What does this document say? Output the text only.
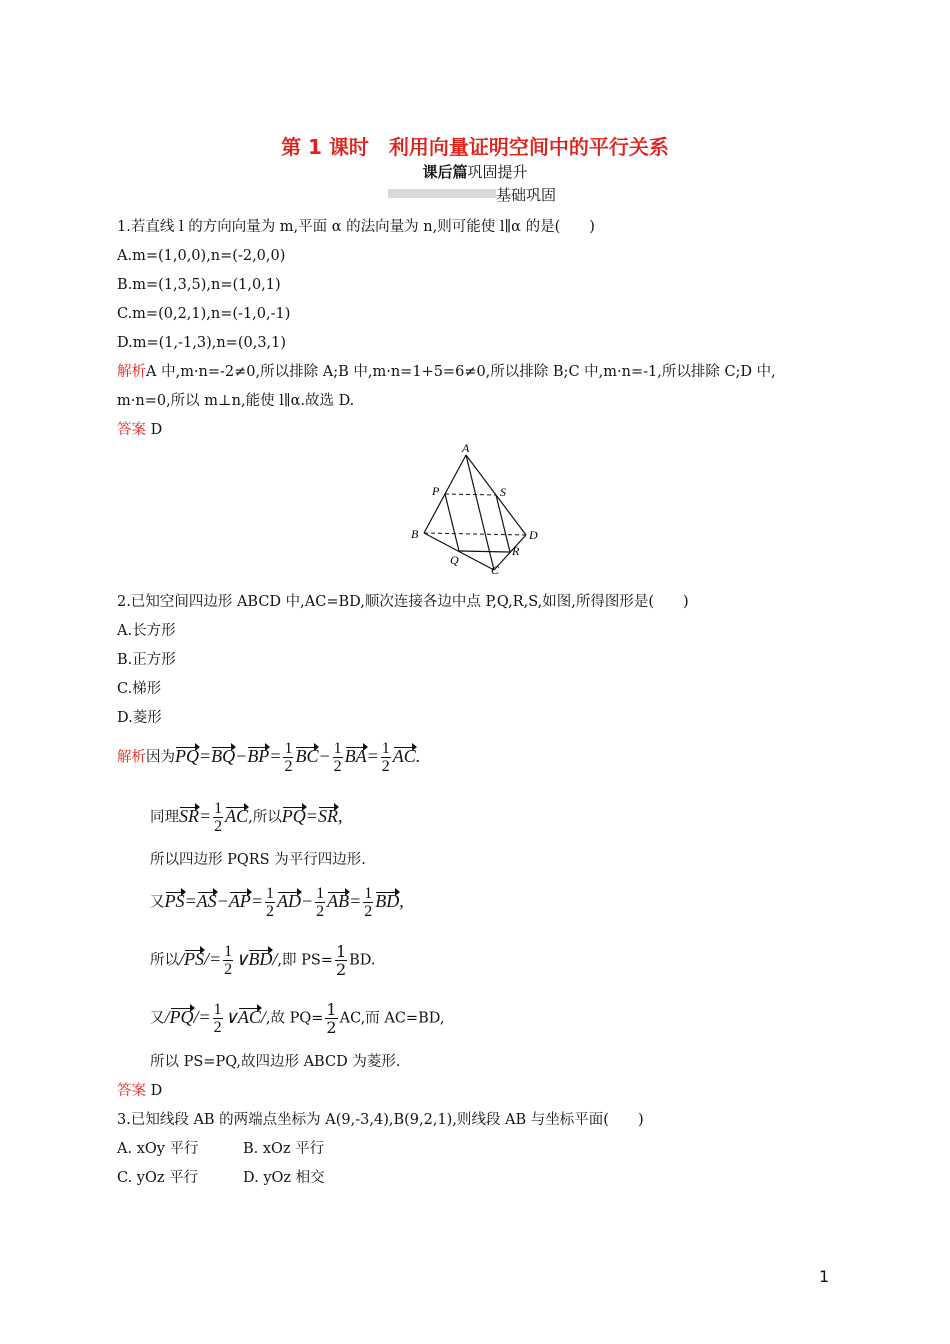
第 1 课时　利用向量证明空间中的平行关系
课后篇巩固提升
基础巩固
1.若直线 l 的方向向量为 m,平面 α 的法向量为 n,则可能使 l∥α 的是(　　)
A.m=(1,0,0),n=(-2,0,0)
B.m=(1,3,5),n=(1,0,1)
C.m=(0,2,1),n=(-1,0,-1)
D.m=(1,-1,3),n=(0,3,1)
解析A 中,m·n=-2≠0,所以排除 A;B 中,m·n=1+5=6≠0,所以排除 B;C 中,m·n=-1,所以排除 C;D 中,
m·n=0,所以 m⊥n,能使 l∥α.故选 D.
答案 D
A
P	S
B	D
Q
R
C
2.已知空间四边形 ABCD 中,AC=BD,顺次连接各边中点 P,Q,R,S,如图,所得图形是(　　)
A.长方形
B.正方形
C.梯形
D.菱形
解析因为$PQ=BQ-BP= \frac{1}{2} BC- \frac{1}{2} BA= \frac{1}{2}$ AC.
同理$SR= \frac{1}{2}$ AC,所以PQ=SR,
所以四边形 PQRS 为平行四边形.
又$PS=AS-AP= \frac{1}{2} AD- \frac{1}{2} AB= \frac{1}{2}$ BD,
所以$/PS/= \frac{1}{2}$ ∨BD/,即 $PS= \frac{1}{2}$ BD.
又$/PQ/= \frac{1}{2}$ ∨AC/,故 $PQ= \frac{1}{2}$ AC,而 AC=BD,
所以 PS=PQ,故四边形 ABCD 为菱形.
答案 D
3.已知线段 AB 的两端点坐标为 A(9,-3,4),B(9,2,1),则线段 AB 与坐标平面(　　)
A. xOy 平行	B. xOz 平行
C. yOz 平行	D. yOz 相交
1
